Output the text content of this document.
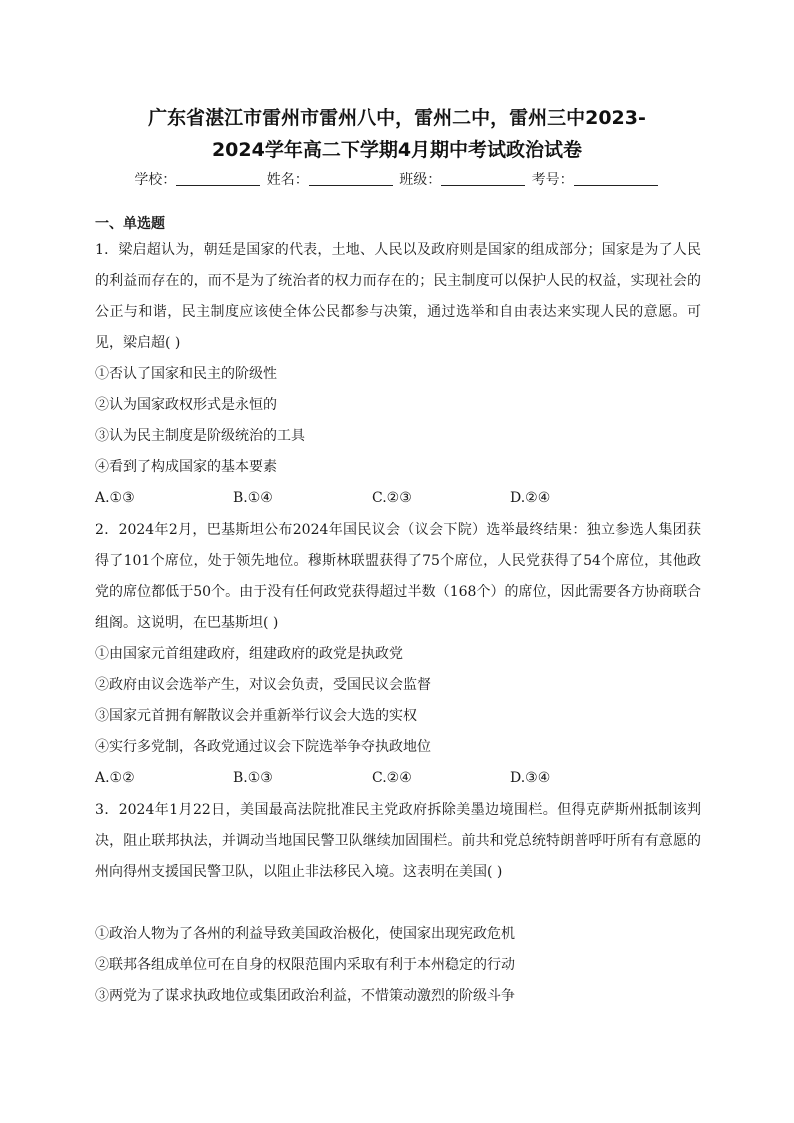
广东省湛江市雷州市雷州八中，雷州二中，雷州三中2023-
2024学年高二下学期4月期中考试政治试卷
学校：	姓名：	班级：	考号：
一、单选题

1．梁启超认为，朝廷是国家的代表，土地、人民以及政府则是国家的组成部分；国家是为了人民的利益而存在的，而不是为了统治者的权力而存在的；民主制度可以保护人民的权益，实现社会的公正与和谐，民主制度应该使全体公民都参与决策，通过选举和自由表达来实现人民的意愿。可见，梁启超( )

①否认了国家和民主的阶级性
②认为国家政权形式是永恒的
③认为民主制度是阶级统治的工具
④看到了构成国家的基本要素
A.①③	B.①④	C.②③	D.②④

2．2024年2月，巴基斯坦公布2024年国民议会（议会下院）选举最终结果：独立参选人集团获得了101个席位，处于领先地位。穆斯林联盟获得了75个席位，人民党获得了54个席位，其他政党的席位都低于50个。由于没有任何政党获得超过半数（168个）的席位，因此需要各方协商联合组阁。这说明，在巴基斯坦( )

①由国家元首组建政府，组建政府的政党是执政党
②政府由议会选举产生，对议会负责，受国民议会监督
③国家元首拥有解散议会并重新举行议会大选的实权
④实行多党制，各政党通过议会下院选举争夺执政地位
A.①②	B.①③	C.②④	D.③④

3．2024年1月22日，美国最高法院批准民主党政府拆除美墨边境围栏。但得克萨斯州抵制该判决，阻止联邦执法，并调动当地国民警卫队继续加固围栏。前共和党总统特朗普呼吁所有有意愿的州向得州支援国民警卫队，以阻止非法移民入境。这表明在美国( )

①政治人物为了各州的利益导致美国政治极化，使国家出现宪政危机
②联邦各组成单位可在自身的权限范围内采取有利于本州稳定的行动
③两党为了谋求执政地位或集团政治利益，不惜策动激烈的阶级斗争
